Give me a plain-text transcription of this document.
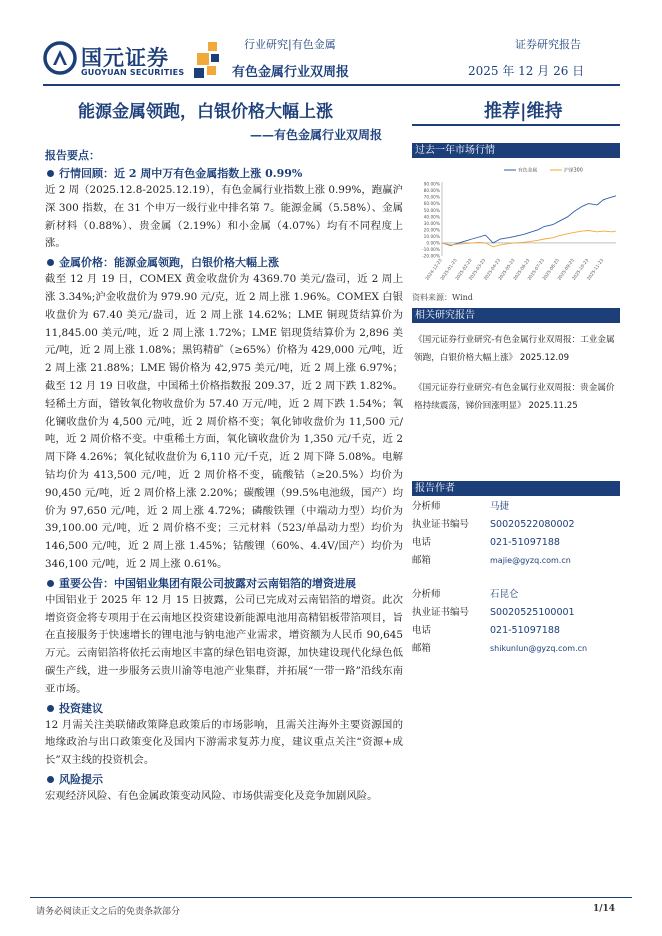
国元证券
GUOYUAN SECURITIES
行业研究|有色金属	证券研究报告
有色金属行业双周报	2025 年 12 月 26 日
能源金属领跑，白银价格大幅上涨
——有色金属行业双周报
推荐|维持
报告要点：
行情回顾：近 2 周中万有色金属指数上涨 0.99%

近 2 周（2025.12.8-2025.12.19），有色金属行业指数上涨 0.99%，跑赢沪深 300 指数，在 31 个申万一级行业中排名第 7。能源金属（5.58%）、金属新材料（0.88%）、贵金属（2.19%）和小金属（4.07%）均有不同程度上涨。

金属价格：能源金属领跑，白银价格大幅上涨

截至 12 月 19 日，COMEX 黄金收盘价为 4369.70 美元/盎司，近 2 周上涨 3.34%;沪金收盘价为 979.90 元/克，近 2 周上涨 1.96%。COMEX 白银收盘价为 67.40 美元/盎司，近 2 周上涨 14.62%；LME 铜现货结算价为 11,845.00 美元/吨，近 2 周上涨 1.72%；LME 铝现货结算价为 2,896 美元/吨，近 2 周上涨 1.08%；黑钨精矿（≥65%）价格为 429,000 元/吨，近 2 周上涨 21.88%；LME 锡价格为 42,975 美元/吨，近 2 周上涨 6.97%；截至 12 月 19 日收盘，中国稀土价格指数报 209.37，近 2 周下跌 1.82%。轻稀土方面，镨钕氧化物收盘价为 57.40 万元/吨，近 2 周下跌 1.54%；氧化镧收盘价为 4,500 元/吨，近 2 周价格不变；氧化铈收盘价为 11,500 元/吨，近 2 周价格不变。中重稀土方面，氧化镝收盘价为 1,350 元/千克，近 2 周下降 4.26%；氧化铽收盘价为 6,110 元/千克，近 2 周下降 5.08%。电解钴均价为 413,500 元/吨，近 2 周价格不变，硫酸钴（≥20.5%）均价为 90,450 元/吨，近 2 周价格上涨 2.20%；碳酸锂（99.5%电池级，国产）均价为 97,650 元/吨，近 2 周上涨 4.72%；磷酸铁锂（中端动力型）均价为 39,100.00 元/吨，近 2 周价格不变；三元材料（523/单晶动力型）均价为 146,500 元/吨，近 2 周上涨 1.45%；钴酸锂（60%、4.4V/国产）均价为 346,100 元/吨，近 2 周上涨 0.61%。

重要公告：中国铝业集团有限公司披露对云南铝箔的增资进展

中国铝业于 2025 年 12 月 15 日披露，公司已完成对云南铝箔的增资。此次增资资金将专项用于在云南地区投资建设新能源电池用高精铝板带箔项目，旨在直接服务于快速增长的锂电池与钠电池产业需求，增资额为人民币 90,645 万元。云南铝箔将依托云南地区丰富的绿色铝电资源，加快建设现代化绿色低碳生产线，进一步服务云贵川渝等电池产业集群，并拓展“一带一路”沿线东南亚市场。

投资建议

12 月需关注美联储政策降息政策后的市场影响，且需关注海外主要资源国的地缘政治与出口政策变化及国内下游需求复苏力度，建议重点关注“资源+成长”双主线的投资机会。

风险提示

宏观经济风险、有色金属政策变动风险、市场供需变化及竞争加剧风险。

过去一年市场行情
90.00%
80.00%
70.00%
60.00%
50.00%
40.00%
30.00%
20.00%
10.00%
0.00%
-10.00%
-20.00%
2024-12-23
2025-01-23
2025-02-23
2025-03-23
2025-04-23
2025-05-23
2025-06-23
2025-07-23
2025-08-23
2025-09-23
2025-10-23
2025-11-23
有色金属	沪深300
资料来源：Wind
相关研究报告
《国元证券行业研究-有色金属行业双周报：工业金属领跑，白银价格大幅上涨》 2025.12.09
《国元证券行业研究-有色金属行业双周报：贵金属价格持续震荡，锑价回涨明显》 2025.11.25
报告作者
分析师	马捷
执业证书编号	S0020522080002
电话	021-51097188
邮箱	majie@gyzq.com.cn
分析师	石昆仑
执业证书编号	S0020525100001
电话	021-51097188
邮箱	shikunlun@gyzq.com.cn
请务必阅读正文之后的免责条款部分	1/14
